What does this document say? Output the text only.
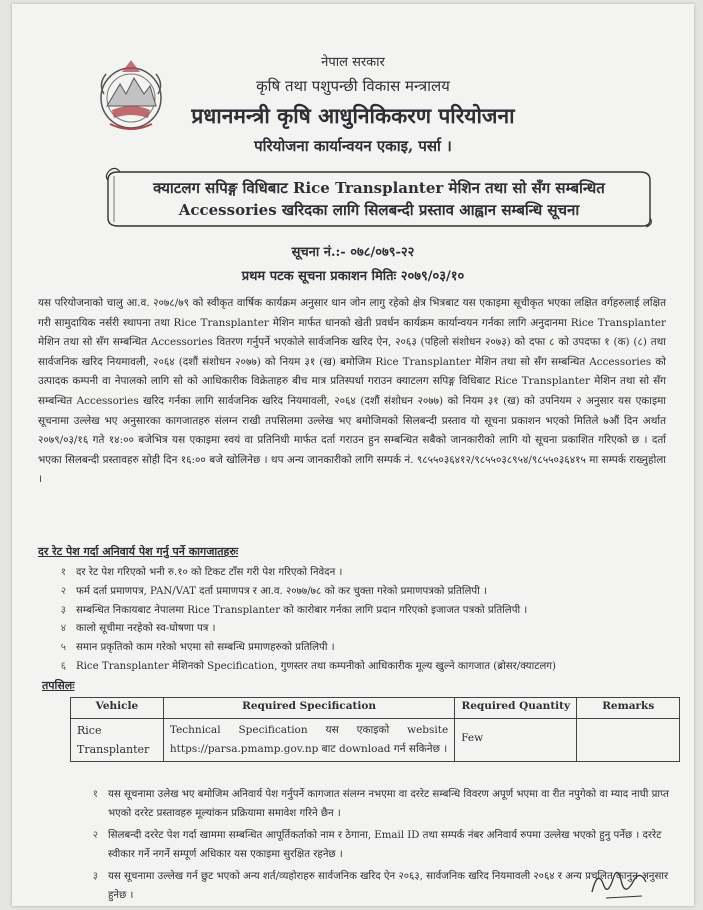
नेपाल सरकार
कृषि तथा पशुपन्छी विकास मन्त्रालय
प्रधानमन्त्री कृषि आधुनिकिकरण परियोजना
परियोजना कार्यान्वयन एकाइ, पर्सा ।
क्याटलग सपिङ्ग विधिबाट Rice Transplanter मेशिन तथा सो सँग सम्बन्धित
Accessories खरिदका लागि सिलबन्दी प्रस्ताव आह्वान सम्बन्धि सूचना
सूचना नं.:- ०७८/०७९-२२
प्रथम पटक सूचना प्रकाशन मितिः २०७९/०३/१०
यस परियोजनाको चालु आ.व. २०७८/७९ को स्वीकृत वार्षिक कार्यक्रम अनुसार धान जोन लागु रहेको क्षेत्र भित्रबाट यस एकाइमा सूचीकृत भएका लक्षित वर्गहरुलाई लक्षित गरी सामुदायिक नर्सरी स्थापना तथा Rice Transplanter मेशिन मार्फत धानको खेती प्रवर्धन कार्यक्रम कार्यान्वयन गर्नका लागि अनुदानमा Rice Transplanter मेशिन तथा सो सँग सम्बन्धित Accessories वितरण गर्नुपर्ने भएकोले सार्वजनिक खरिद ऐन, २०६३ (पहिलो संशोधन २०७३) को दफा ८ को उपदफा १ (क) (८) तथा सार्वजनिक खरिद नियमावली, २०६४ (दशौं संशोधन २०७७) को नियम ३१ (ख) बमोजिम Rice Transplanter मेशिन तथा सो सँग सम्बन्धित Accessories को उत्पादक कम्पनी वा नेपालको लागि सो को आधिकारीक विक्रेताहरु बीच मात्र प्रतिस्पर्धा गराउन क्याटलग सपिङ्ग विधिबाट Rice Transplanter मेशिन तथा सो सँग सम्बन्धित Accessories खरिद गर्नका लागि सार्वजनिक खरिद नियमावली, २०६४ (दशौं संशोधन २०७७) को नियम ३१ (ख) को उपनियम २ अनुसार यस एकाइमा सूचनामा उल्लेख भए अनुसारका कागजातहरु संलग्न राखी तपसिलमा उल्लेख भए बमोजिमको सिलबन्दी प्रस्ताव यो सूचना प्रकाशन भएको मितिले ७औं दिन अर्थात २०७९/०३/१६ गते १४:०० बजेभित्र यस एकाइमा स्वयं वा प्रतिनिधी मार्फत दर्ता गराउन हुन सम्बन्धित सबैको जानकारीको लागि यो सूचना प्रकाशित गरिएको छ । दर्ता भएका सिलबन्दी प्रस्तावहरु सोही दिन १६:०० बजे खोलिनेछ । थप अन्य जानकारीको लागि सम्पर्क नं. ९८५५०३६४१२/९८५५०३८९५४/९८५५०३६४१५ मा सम्पर्क राख्नुहोला ।
दर रेट पेश गर्दा अनिवार्य पेश गर्नु पर्ने कागजातहरुः
१ दर रेट पेश गरिएको भनी रु.१० को टिकट टाँस गरी पेश गरिएको निवेदन ।
२ फर्म दर्ता प्रमाणपत्र, PAN/VAT दर्ता प्रमाणपत्र र आ.व. २०७७/७८ को कर चुक्ता गरेको प्रमाणपत्रको प्रतिलिपी ।
३ सम्बन्धित निकायबाट नेपालमा Rice Transplanter को कारोबार गर्नका लागि प्रदान गरिएको इजाजत पत्रको प्रतिलिपी ।
४ कालो सूचीमा नरहेको स्व-घोषणा पत्र ।
५ समान प्रकृतिको काम गरेको भएमा सो सम्बन्धि प्रमाणहरुको प्रतिलिपी ।
६ Rice Transplanter मेशिनको Specification, गुणस्तर तथा कम्पनीको आधिकारीक मूल्य खुल्ने कागजात (ब्रोसर/क्याटलग)
तपसिलः
Vehicle	Required Specification	Required Quantity	Remarks
Rice Transplanter	Technical Specification यस एकाइको website https://parsa.pmamp.gov.np बाट download गर्न सकिनेछ ।	Few	
१ यस सूचनामा उलेख भए बमोजिम अनिवार्य पेश गर्नुपर्ने कागजात संलग्न नभएमा वा दररेट सम्बन्धि विवरण अपूर्ण भएमा वा रीत नपुगेको वा म्याद नाघी प्राप्त भएको दररेट प्रस्तावहरु मूल्यांकन प्रक्रियामा समावेश गरिने छैन ।
२ सिलबन्दी दररेट पेश गर्दा खाममा सम्बन्धित आपूर्तिकर्ताको नाम र ठेगाना, Email ID तथा सम्पर्क नंबर अनिवार्य रुपमा उल्लेख भएको हुनु पर्नेछ । दररेट स्वीकार गर्ने नगर्ने सम्पूर्ण अधिकार यस एकाइमा सुरक्षित रहनेछ ।
३ यस सूचनामा उल्लेख गर्न छुट भएको अन्य शर्त/व्यहोराहरु सार्वजनिक खरिद ऐन २०६३, सार्वजनिक खरिद नियमावली २०६४ र अन्य प्रचलित कानुन अनुसार हुनेछ ।
